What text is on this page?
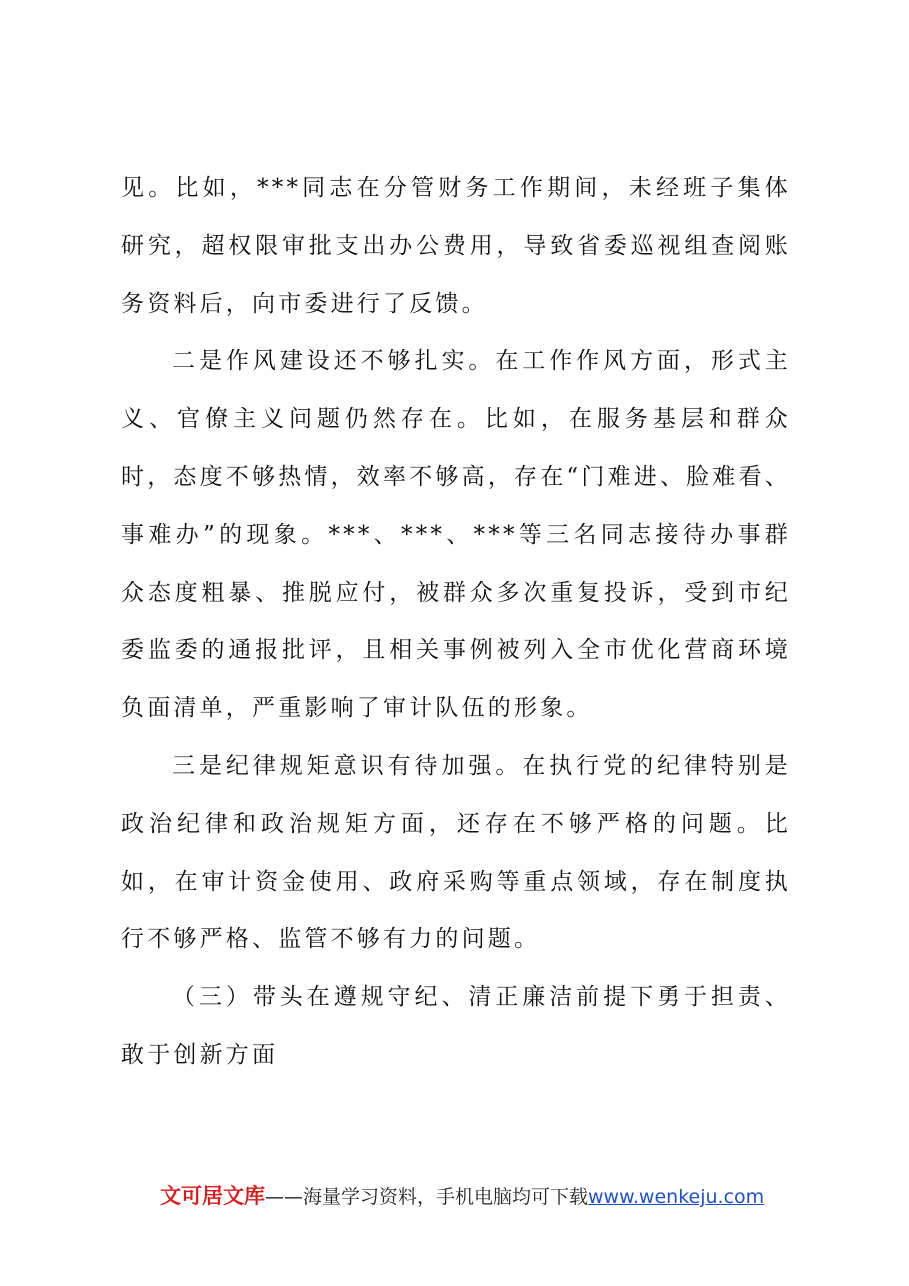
见。比如，***同志在分管财务工作期间，未经班子集体研究，超权限审批支出办公费用，导致省委巡视组查阅账务资料后，向市委进行了反馈。

二是作风建设还不够扎实。在工作作风方面，形式主义、官僚主义问题仍然存在。比如，在服务基层和群众时，态度不够热情，效率不够高，存在“门难进、脸难看、事难办”的现象。***、***、***等三名同志接待办事群众态度粗暴、推脱应付，被群众多次重复投诉，受到市纪委监委的通报批评，且相关事例被列入全市优化营商环境负面清单，严重影响了审计队伍的形象。

三是纪律规矩意识有待加强。在执行党的纪律特别是政治纪律和政治规矩方面，还存在不够严格的问题。比如，在审计资金使用、政府采购等重点领域，存在制度执行不够严格、监管不够有力的问题。

（三）带头在遵规守纪、清正廉洁前提下勇于担责、敢于创新方面

文可居文库——海量学习资料，手机电脑均可下载www.wenkeju.com
